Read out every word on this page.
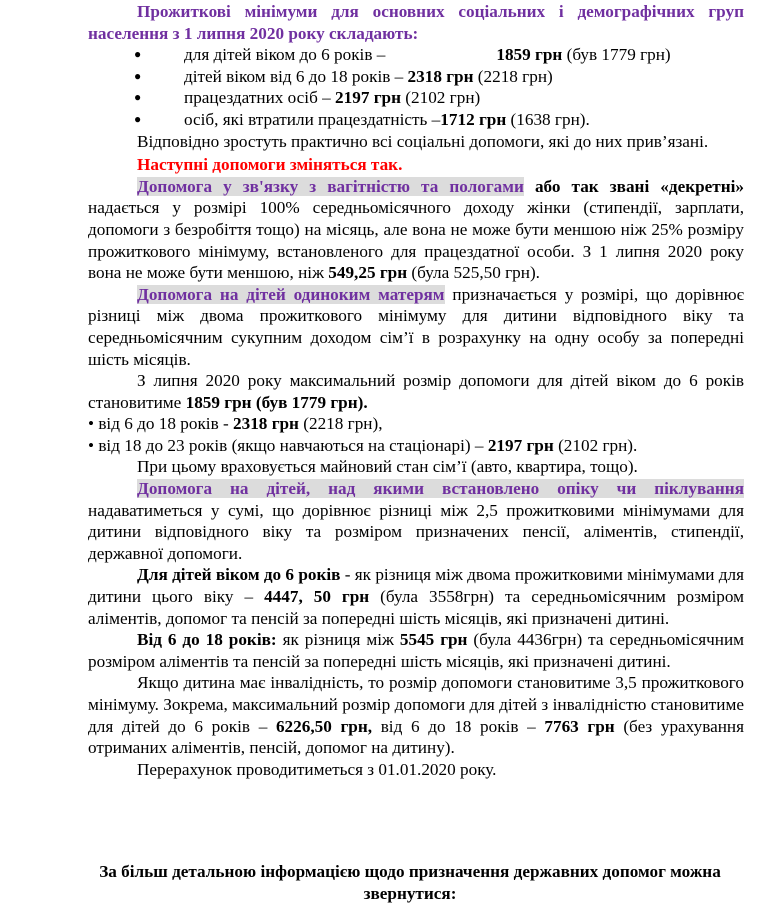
Прожиткові мінімуми для основних соціальних і демографічних груп населення з 1 липня 2020 року складають:

● для дітей віком до 6 років –	1859 грн (був 1779 грн)
● дітей віком від 6 до 18 років – 2318 грн (2218 грн)
● працездатних осіб – 2197 грн (2102 грн)
● осіб, які втратили працездатність –1712 грн (1638 грн).

Відповідно зростуть практично всі соціальні допомоги, які до них прив’язані.

Наступні допомоги зміняться так.

Допомога у зв'язку з вагітністю та пологами або так звані «декретні» надається у розмірі 100% середньомісячного доходу жінки (стипендії, зарплати, допомоги з безробіття тощо) на місяць, але вона не може бути меншою ніж 25% розміру прожиткового мінімуму, встановленого для працездатної особи. З 1 липня 2020 року вона не може бути меншою, ніж 549,25 грн (була 525,50 грн).

Допомога на дітей одиноким матерям призначається у розмірі, що дорівнює різниці між двома прожиткового мінімуму для дитини відповідного віку та середньомісячним сукупним доходом сім’ї в розрахунку на одну особу за попередні шість місяців.

З липня 2020 року максимальний розмір допомоги для дітей віком до 6 років становитиме 1859 грн (був 1779 грн).

• від 6 до 18 років - 2318 грн (2218 грн),

• від 18 до 23 років (якщо навчаються на стаціонарі) – 2197 грн (2102 грн).

При цьому враховується майновий стан сім’ї (авто, квартира, тощо).

Допомога на дітей, над якими встановлено опіку чи піклування надаватиметься у сумі, що дорівнює різниці між 2,5 прожитковими мінімумами для дитини відповідного віку та розміром призначених пенсії, аліментів, стипендії, державної допомоги.

Для дітей віком до 6 років - як різниця між двома прожитковими мінімумами для дитини цього віку – 4447, 50 грн (була 3558грн) та середньомісячним розміром аліментів, допомог та пенсій за попередні шість місяців, які призначені дитині.

Від 6 до 18 років: як різниця між 5545 грн (була 4436грн) та середньомісячним розміром аліментів та пенсій за попередні шість місяців, які призначені дитині.

Якщо дитина має інвалідність, то розмір допомоги становитиме 3,5 прожиткового мінімуму. Зокрема, максимальний розмір допомоги для дітей з інвалідністю становитиме для дітей до 6 років – 6226,50 грн, від 6 до 18 років – 7763 грн (без урахування отриманих аліментів, пенсій, допомог на дитину).

Перерахунок проводитиметься з 01.01.2020 року.

За більш детальною інформацією щодо призначення державних допомог можна звернутися:
